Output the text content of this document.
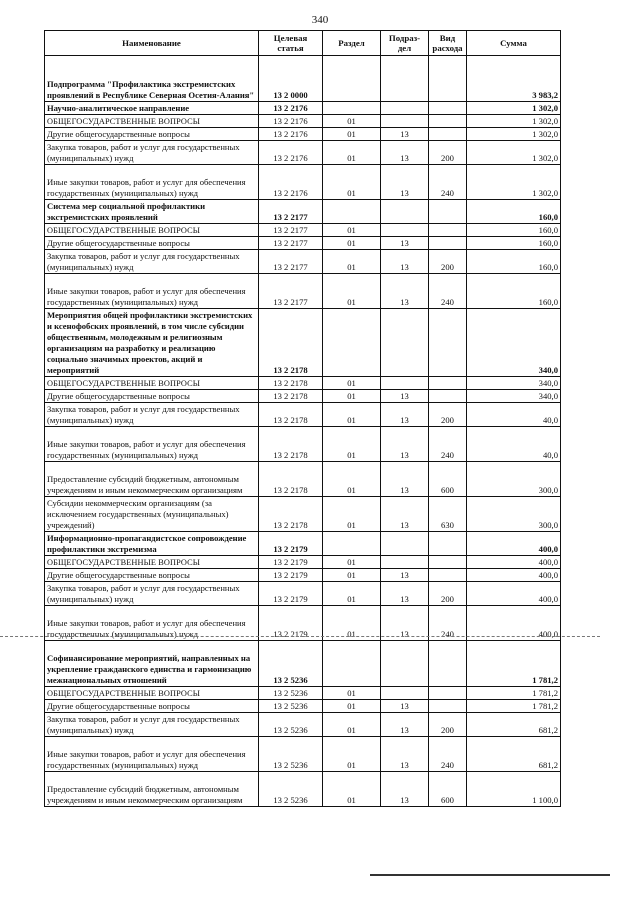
340
Наименование	Целевая статья	Раздел	Подраз-дел	Вид расхода	Сумма
Подпрограмма "Профилактика экстремистских проявлений в Республике Северная Осетия-Алания"	13 2 0000				3 983,2
Научно-аналитическое направление	13 2 2176				1 302,0
ОБЩЕГОСУДАРСТВЕННЫЕ ВОПРОСЫ	13 2 2176	01			1 302,0
Другие общегосударственные вопросы	13 2 2176	01	13		1 302,0
Закупка товаров, работ и услуг для государственных (муниципальных) нужд	13 2 2176	01	13	200	1 302,0
Иные закупки товаров, работ и услуг для обеспечения государственных (муниципальных) нужд	13 2 2176	01	13	240	1 302,0
Система мер социальной профилактики экстремистских проявлений	13 2 2177				160,0
ОБЩЕГОСУДАРСТВЕННЫЕ ВОПРОСЫ	13 2 2177	01			160,0
Другие общегосударственные вопросы	13 2 2177	01	13		160,0
Закупка товаров, работ и услуг для государственных (муниципальных) нужд	13 2 2177	01	13	200	160,0
Иные закупки товаров, работ и услуг для обеспечения государственных (муниципальных) нужд	13 2 2177	01	13	240	160,0
Мероприятия общей профилактики экстремистских и ксенофобских проявлений, в том числе субсидии общественным, молодежным и религиозным организациям на разработку и реализацию социально значимых проектов, акций и мероприятий	13 2 2178				340,0
ОБЩЕГОСУДАРСТВЕННЫЕ ВОПРОСЫ	13 2 2178	01			340,0
Другие общегосударственные вопросы	13 2 2178	01	13		340,0
Закупка товаров, работ и услуг для государственных (муниципальных) нужд	13 2 2178	01	13	200	40,0
Иные закупки товаров, работ и услуг для обеспечения государственных (муниципальных) нужд	13 2 2178	01	13	240	40,0
Предоставление субсидий бюджетным, автономным учреждениям и иным некоммерческим организациям	13 2 2178	01	13	600	300,0
Субсидии некоммерческим организациям (за исключением государственных (муниципальных) учреждений)	13 2 2178	01	13	630	300,0
Информационно-пропагандистское сопровождение профилактики экстремизма	13 2 2179				400,0
ОБЩЕГОСУДАРСТВЕННЫЕ ВОПРОСЫ	13 2 2179	01			400,0
Другие общегосударственные вопросы	13 2 2179	01	13		400,0
Закупка товаров, работ и услуг для государственных (муниципальных) нужд	13 2 2179	01	13	200	400,0
Иные закупки товаров, работ и услуг для обеспечения государственных (муниципальных) нужд	13 2 2179	01	13	240	400,0
Софинансирование мероприятий, направленных на укрепление гражданского единства и гармонизацию межнациональных отношений	13 2 5236				1 781,2
ОБЩЕГОСУДАРСТВЕННЫЕ ВОПРОСЫ	13 2 5236	01			1 781,2
Другие общегосударственные вопросы	13 2 5236	01	13		1 781,2
Закупка товаров, работ и услуг для государственных (муниципальных) нужд	13 2 5236	01	13	200	681,2
Иные закупки товаров, работ и услуг для обеспечения государственных (муниципальных) нужд	13 2 5236	01	13	240	681,2
Предоставление субсидий бюджетным, автономным учреждениям и иным некоммерческим организациям	13 2 5236	01	13	600	1 100,0
